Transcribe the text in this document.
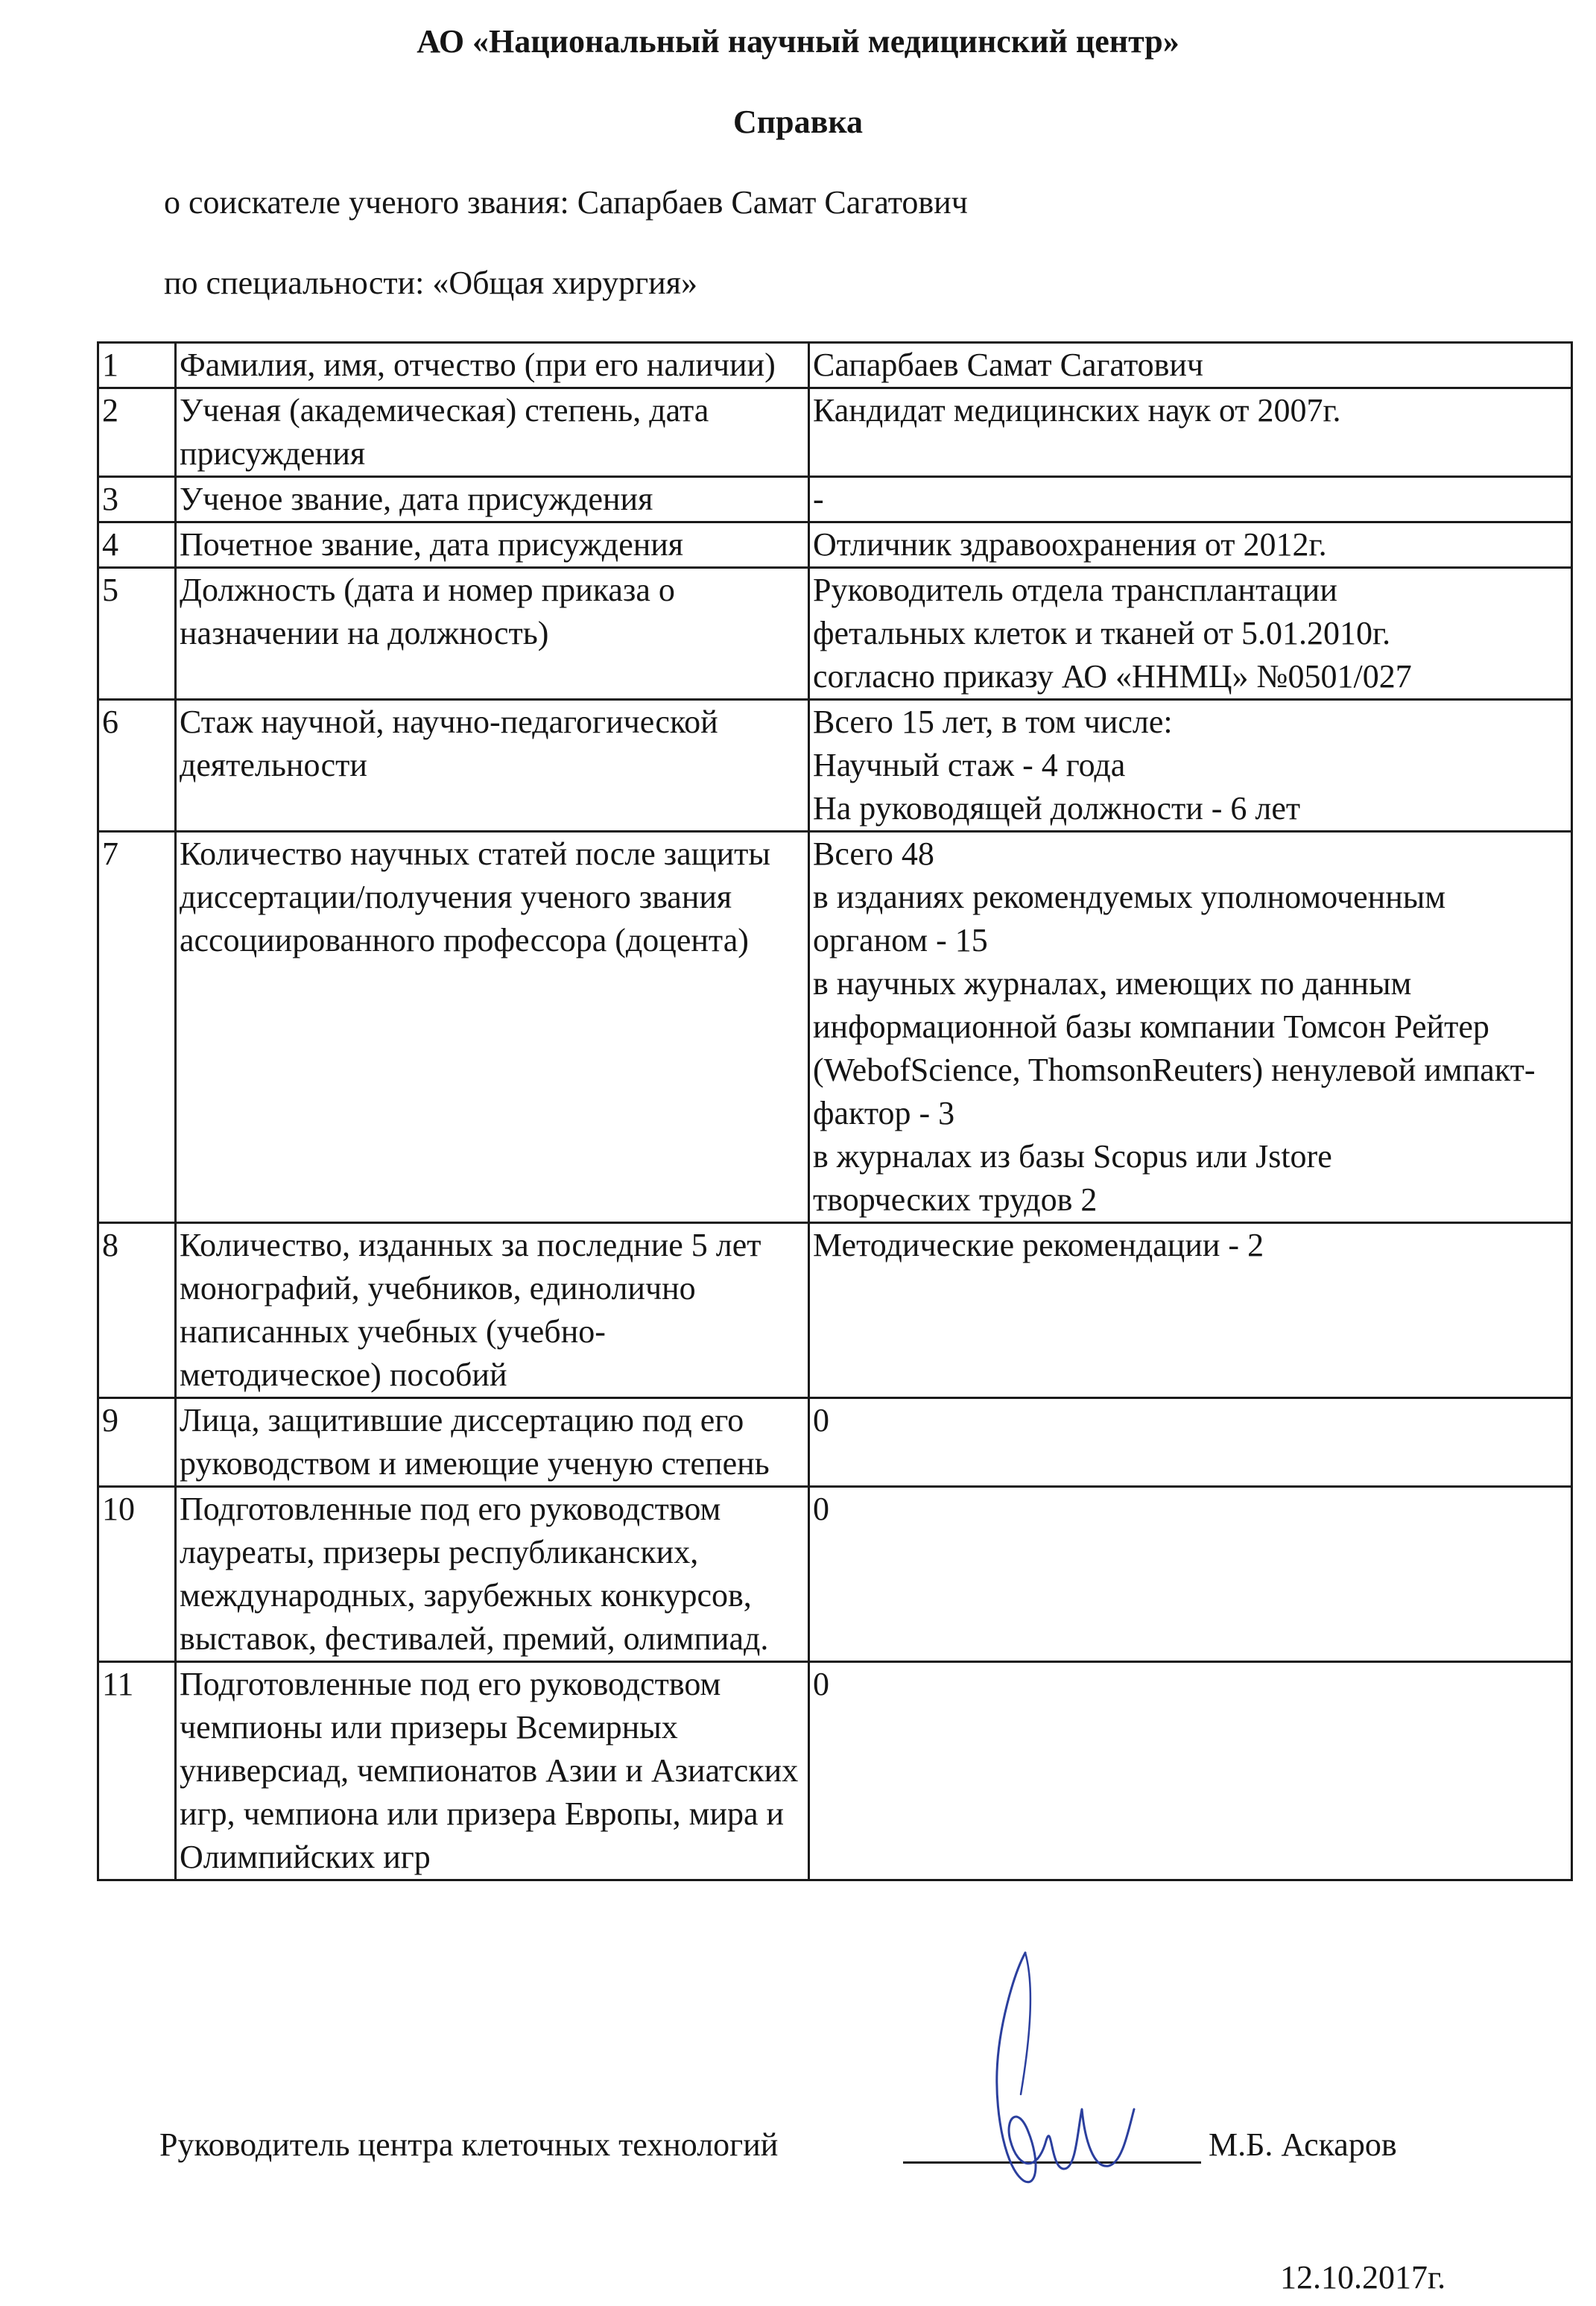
АО «Национальный научный медицинский центр»
Справка
о соискателе ученого звания: Сапарбаев Самат Сагатович
по специальности: «Общая хирургия»
1	Фамилия, имя, отчество (при его наличии)	Сапарбаев Самат Сагатович
2	Ученая (академическая) степень, дата присуждения	Кандидат медицинских наук от 2007г.
3	Ученое звание, дата присуждения	-
4	Почетное звание, дата присуждения	Отличник здравоохранения от 2012г.
5	Должность (дата и номер приказа о назначении на должность)	Руководитель отдела трансплантации
фетальных клеток и тканей от 5.01.2010г.
согласно приказу АО «ННМЦ» №0501/027
6	Стаж научной, научно-педагогической деятельности	Всего 15 лет, в том числе:
Научный стаж - 4 года
На руководящей должности - 6 лет
7	Количество научных статей после защиты диссертации/получения ученого звания ассоциированного профессора (доцента)	Всего 48
в изданиях рекомендуемых уполномоченным органом - 15
в научных журналах, имеющих по данным информационной базы компании Томсон Рейтер (WebofScience, ThomsonReuters) ненулевой импакт-фактор - 3
в журналах из базы Scopus или Jstore
творческих трудов 2
8	Количество, изданных за последние 5 лет монографий, учебников, единолично написанных учебных (учебно-методическое) пособий	Методические рекомендации - 2
9	Лица, защитившие диссертацию под его руководством и имеющие ученую степень	0
10	Подготовленные под его руководством лауреаты, призеры республиканских, международных, зарубежных конкурсов, выставок, фестивалей, премий, олимпиад.	0
11	Подготовленные под его руководством чемпионы или призеры Всемирных универсиад, чемпионатов Азии и Азиатских игр, чемпиона или призера Европы, мира и Олимпийских игр	0
Руководитель центра клеточных технологий	М.Б. Аскаров
12.10.2017г.
